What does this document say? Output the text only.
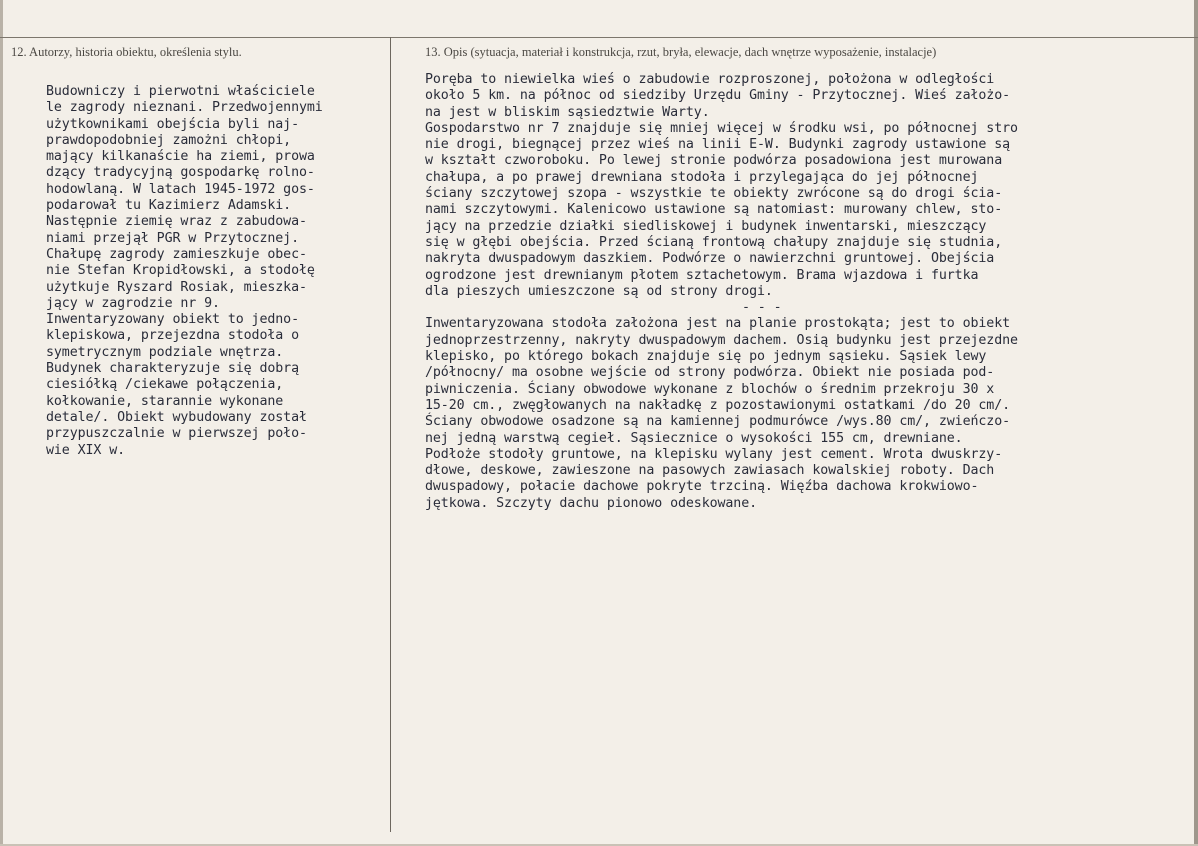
12. Autorzy, historia obiektu, określenia stylu.	13. Opis (sytuacja, materiał i konstrukcja, rzut, bryła, elewacje, dach wnętrze wyposażenie, instalacje)
Budowniczy i pierwotni właściciele
le zagrody nieznani. Przedwojennymi
użytkownikami obejścia byli naj-
prawdopodobniej zamożni chłopi,
mający kilkanaście ha ziemi, prowa
dzący tradycyjną gospodarkę rolno-
hodowlaną. W latach 1945-1972 gos-
podarował tu Kazimierz Adamski.
Następnie ziemię wraz z zabudowa-
niami przejął PGR w Przytocznej.
Chałupę zagrody zamieszkuje obec-
nie Stefan Kropidłowski, a stodołę
użytkuje Ryszard Rosiak, mieszka-
jący w zagrodzie nr 9.
Inwentaryzowany obiekt to jedno-
klepiskowa, przejezdna stodoła o
symetrycznym podziale wnętrza.
Budynek charakteryzuje się dobrą
ciesiółką /ciekawe połączenia,
kołkowanie, starannie wykonane
detale/. Obiekt wybudowany został
przypuszczalnie w pierwszej poło-
wie XIX w.
Poręba to niewielka wieś o zabudowie rozproszonej, położona w odległości
około 5 km. na północ od siedziby Urzędu Gminy - Przytocznej. Wieś założo-
na jest w bliskim sąsiedztwie Warty.
Gospodarstwo nr 7 znajduje się mniej więcej w środku wsi, po północnej stro
nie drogi, biegnącej przez wieś na linii E-W. Budynki zagrody ustawione są
w kształt czworoboku. Po lewej stronie podwórza posadowiona jest murowana
chałupa, a po prawej drewniana stodoła i przylegająca do jej północnej
ściany szczytowej szopa - wszystkie te obiekty zwrócone są do drogi ścia-
nami szczytowymi. Kalenicowo ustawione są natomiast: murowany chlew, sto-
jący na przedzie działki siedliskowej i budynek inwentarski, mieszczący
się w głębi obejścia. Przed ścianą frontową chałupy znajduje się studnia,
nakryta dwuspadowym daszkiem. Podwórze o nawierzchni gruntowej. Obejścia
ogrodzone jest drewnianym płotem sztachetowym. Brama wjazdowa i furtka
dla pieszych umieszczone są od strony drogi.
- - -
Inwentaryzowana stodoła założona jest na planie prostokąta; jest to obiekt
jednoprzestrzenny, nakryty dwuspadowym dachem. Osią budynku jest przejezdne
klepisko, po którego bokach znajduje się po jednym sąsieku. Sąsiek lewy
/północny/ ma osobne wejście od strony podwórza. Obiekt nie posiada pod-
piwniczenia. Ściany obwodowe wykonane z blochów o średnim przekroju 30 x
15-20 cm., zwęgłowanych na nakładkę z pozostawionymi ostatkami /do 20 cm/.
Ściany obwodowe osadzone są na kamiennej podmurówce /wys.80 cm/, zwieńczo-
nej jedną warstwą cegieł. Sąsiecznice o wysokości 155 cm, drewniane.
Podłoże stodoły gruntowe, na klepisku wylany jest cement. Wrota dwuskrzy-
dłowe, deskowe, zawieszone na pasowych zawiasach kowalskiej roboty. Dach
dwuspadowy, połacie dachowe pokryte trzciną. Więźba dachowa krokwiowo-
jętkowa. Szczyty dachu pionowo odeskowane.
